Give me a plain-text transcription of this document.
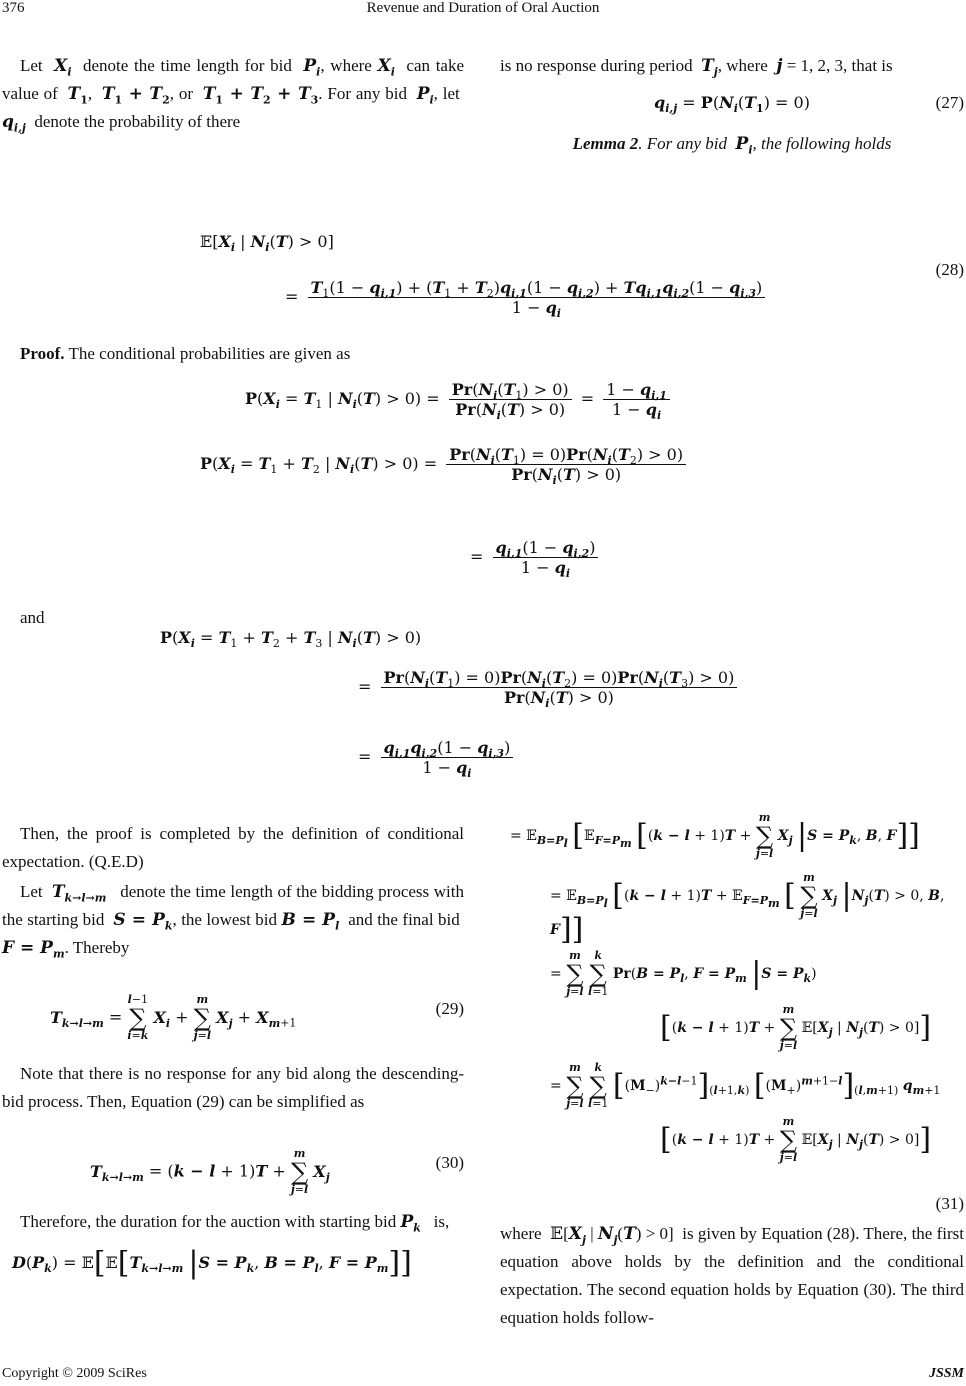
376	Revenue and Duration of Oral Auction

Let  $X_i$  denote the time length for bid  $P_i$, where $X_i$  can take value of  $T_1$,  $T_1 + T_2$, or  $T_1 + T_2 + T_3$. For any bid  $P_i$, let  $q_{i,j}$  denote the probability of there

is no response during period  $T_j$, where  j = 1, 2, 3, that is

$q_{i,j} = P(N_i(T_1) = 0)$	(27)
Lemma 2. For any bid  $P_i$, the following holds
$𝔼[X_i$ | $N_i(T) > 0$]
= $\frac{T_1(1 - q_{i,1}) + (T_1 + T_2)q_{i,1}(1 - q_{i,2}) + Tq_{i,1}q_{i,2}(1 - q_{i,3})}{1 - q_i}$
(28)

Proof. The conditional probabilities are given as

$P(X_i = T_1$ | $N_i(T) > 0) = \frac{Pr(N_i(T_1) > 0)}{Pr(N_i(T) > 0)} = \frac{1 - q_{i,1}}{1 - q_i}$
$P(X_i = T_1 + T_2$ | $N_i(T) > 0) = \frac{Pr(N_i(T_1) = 0)Pr(N_i(T_2) > 0)}{Pr(N_i(T) > 0)}$
= $\frac{q_{i,1}(1 - q_{i,2})}{1 - q_i}$

and

$P(X_i = T_1 + T_2 + T_3$ | $N_i(T) > 0$)
= $\frac{Pr(N_i(T_1) = 0)Pr(N_i(T_2) = 0)Pr(N_i(T_3) > 0)}{Pr(N_i(T) > 0)}$
= $\frac{q_{i,1}q_{i,2}(1 - q_{i,3})}{1 - q_i}$

Then, the proof is completed by the definition of conditional expectation. (Q.E.D)

Let  $T_{k\to l\to m}$   denote the time length of the bidding process with the starting bid  $S = P_k$, the lowest bid $B = P_l$  and the final bid  $F = P_m$. Thereby

$T_{k\to l\to m} = l-1$
∑
i=k $X_i + m$
∑
j=l $X_j + X_{m+1}$
(29)

Note that there is no response for any bid along the descending-bid process. Then, Equation (29) can be simplified as

$T_{k\to l\to m} = (k - l + 1)T + m$
∑
j=l $X_j$
(30)

Therefore, the duration for the auction with starting bid $P_k$   is,

$D(P_k)$ = $𝔼[𝔼[T_{k\to l\to m}$ $|S = P_k$, $B = P_l$, $F = P_m$]]
= 𝔼$_{B=P_l}$ [𝔼$_{F=P_m}$ [(k − l + 1)T + m
∑
j=l $X_j$ $|S = P_k$, B, F]]
= 𝔼$_{B=P_l}$ [(k − l + 1)T + 𝔼$_{F=P_m}$ [ m
∑
j=l $X_j$ $|N_j(T) > 0$, B, F]]
= m
∑
j=l k
∑
l=1 $Pr(B = P_l$, $F = P_m$ $|S = P_k$)
[(k − l + 1)T + m
∑
j=l $𝔼[X_j$ | $N_j(T) > 0$]]
= m
∑
j=l k
∑
l=1 $[(M_-)^{k-l-1}]_{(l+1,k)}$ $[(M_+)^{m+1-l}]_{(l,m+1)}$ $q_{m+1}$
[(k − l + 1)T + m
∑
j=l $𝔼[X_j$ | $N_j(T) > 0$]]
(31)

where  $𝔼[X_j$ | $N_j(T) > 0$]  is given by Equation (28). There, the first equation above holds by the definition and the conditional expectation. The second equation holds by Equation (30). The third equation holds follow-

Copyright © 2009 SciRes	JSSM
